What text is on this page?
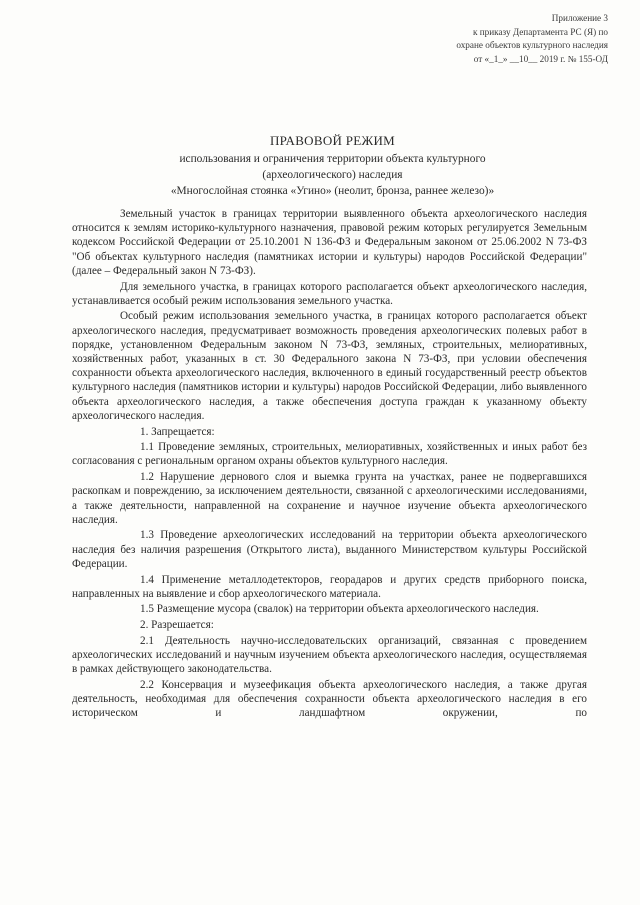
Приложение 3
к приказу Департамента РС (Я) по
охране объектов культурного наследия
от «_1_» __10__ 2019 г. № 155-ОД
ПРАВОВОЙ РЕЖИМ
использования и ограничения территории объекта культурного
(археологического) наследия
«Многослойная стоянка «Угино» (неолит, бронза, раннее железо)»

Земельный участок в границах территории выявленного объекта археологического наследия относится к землям историко-культурного назначения, правовой режим которых регулируется Земельным кодексом Российской Федерации от 25.10.2001 N 136-ФЗ и Федеральным законом от 25.06.2002 N 73-ФЗ "Об объектах культурного наследия (памятниках истории и культуры) народов Российской Федерации" (далее – Федеральный закон N 73-ФЗ).

Для земельного участка, в границах которого располагается объект археологического наследия, устанавливается особый режим использования земельного участка.

Особый режим использования земельного участка, в границах которого располагается объект археологического наследия, предусматривает возможность проведения археологических полевых работ в порядке, установленном Федеральным законом N 73-ФЗ, земляных, строительных, мелиоративных, хозяйственных работ, указанных в ст. 30 Федерального закона N 73-ФЗ, при условии обеспечения сохранности объекта археологического наследия, включенного в единый государственный реестр объектов культурного наследия (памятников истории и культуры) народов Российской Федерации, либо выявленного объекта археологического наследия, а также обеспечения доступа граждан к указанному объекту археологического наследия.

1. Запрещается:

1.1 Проведение земляных, строительных, мелиоративных, хозяйственных и иных работ без согласования с региональным органом охраны объектов культурного наследия.

1.2 Нарушение дернового слоя и выемка грунта на участках, ранее не подвергавшихся раскопкам и повреждению, за исключением деятельности, связанной с археологическими исследованиями, а также деятельности, направленной на сохранение и научное изучение объекта археологического наследия.

1.3 Проведение археологических исследований на территории объекта археологического наследия без наличия разрешения (Открытого листа), выданного Министерством культуры Российской Федерации.

1.4 Применение металлодетекторов, георадаров и других средств приборного поиска, направленных на выявление и сбор археологического материала.

1.5 Размещение мусора (свалок) на территории объекта археологического наследия.

2. Разрешается:

2.1 Деятельность научно-исследовательских организаций, связанная с проведением археологических исследований и научным изучением объекта археологического наследия, осуществляемая в рамках действующего законодательства.

2.2 Консервация и музеефикация объекта археологического наследия, а также другая деятельность, необходимая для обеспечения сохранности объекта археологического наследия в его историческом и ландшафтном окружении, по
